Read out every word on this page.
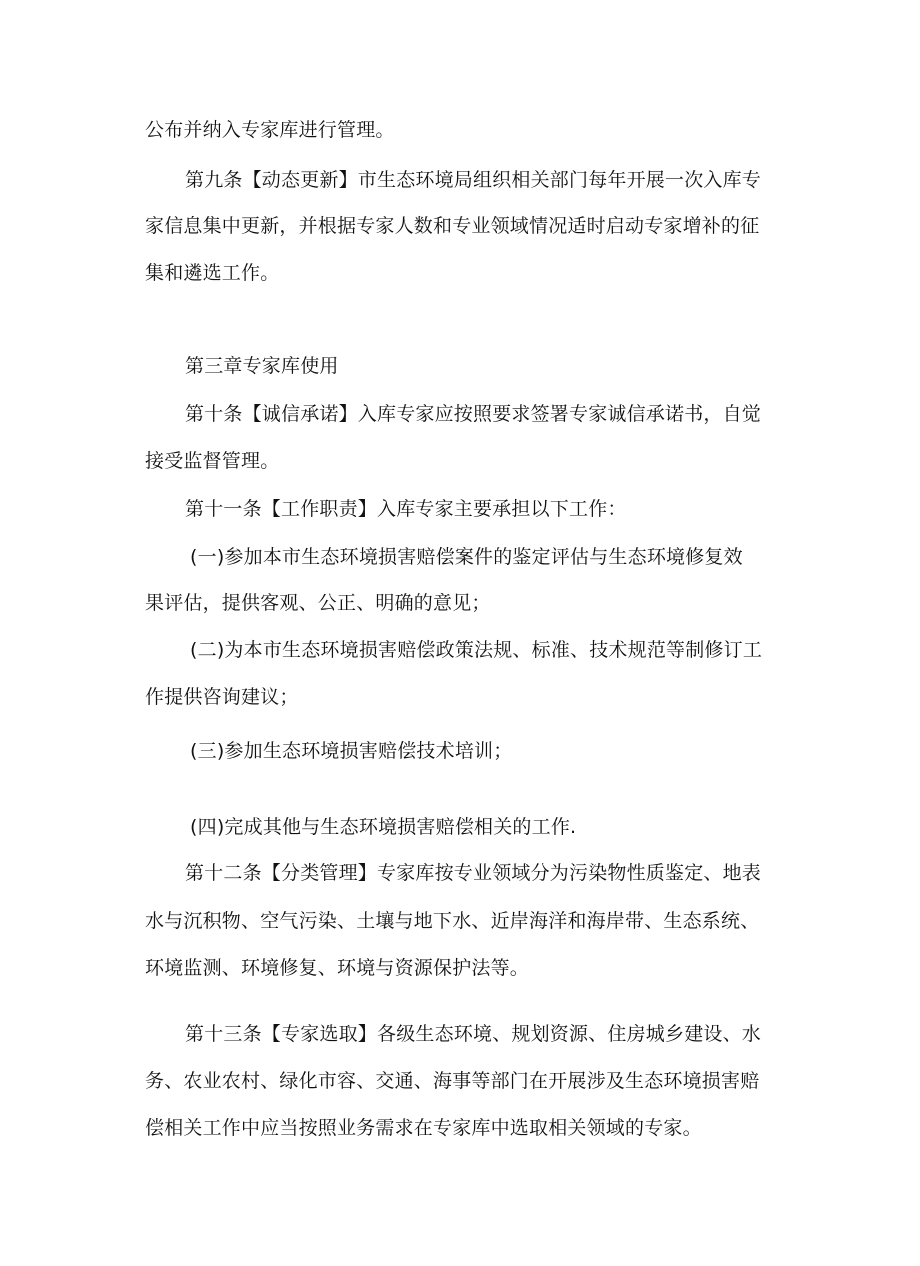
公布并纳入专家库进行管理。
第九条【动态更新】市生态环境局组织相关部门每年开展一次入库专
家信息集中更新，并根据专家人数和专业领域情况适时启动专家增补的征
集和遴选工作。
第三章专家库使用
第十条【诚信承诺】入库专家应按照要求签署专家诚信承诺书，自觉
接受监督管理。
第十一条【工作职责】入库专家主要承担以下工作：
(一)参加本市生态环境损害赔偿案件的鉴定评估与生态环境修复效
果评估，提供客观、公正、明确的意见；
(二)为本市生态环境损害赔偿政策法规、标准、技术规范等制修订工
作提供咨询建议；
(三)参加生态环境损害赔偿技术培训；
(四)完成其他与生态环境损害赔偿相关的工作.
第十二条【分类管理】专家库按专业领域分为污染物性质鉴定、地表
水与沉积物、空气污染、土壤与地下水、近岸海洋和海岸带、生态系统、
环境监测、环境修复、环境与资源保护法等。
第十三条【专家选取】各级生态环境、规划资源、住房城乡建设、水
务、农业农村、绿化市容、交通、海事等部门在开展涉及生态环境损害赔
偿相关工作中应当按照业务需求在专家库中选取相关领域的专家。
